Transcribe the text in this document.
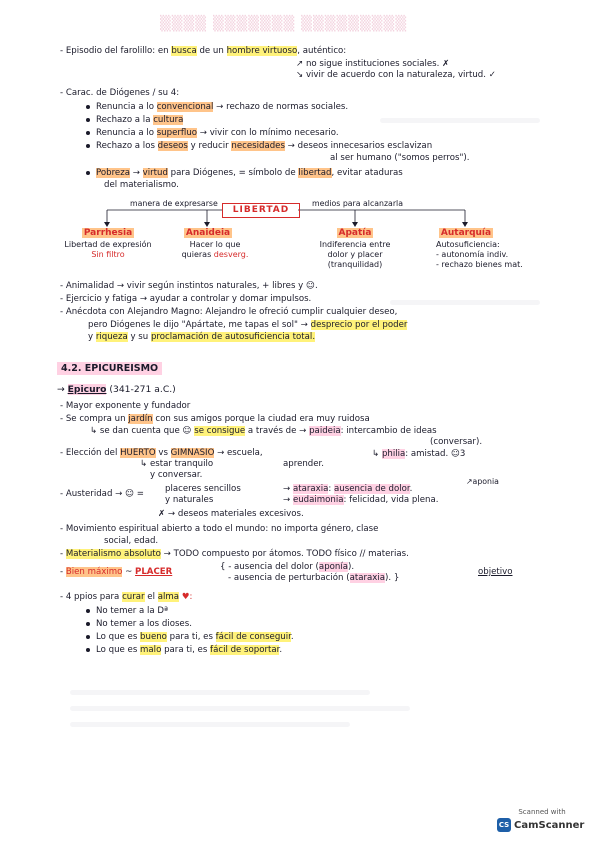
▒▒▒▒ ▒▒▒▒▒▒▒ ▒▒▒▒▒▒▒▒▒
- Episodio del farolillo: en busca de un hombre virtuoso, auténtico:
↗ no sigue instituciones sociales. ✗
↘ vivir de acuerdo con la naturaleza, virtud. ✓
- Carac. de Diógenes / su 4:
Renuncia a lo convencional → rechazo de normas sociales.
Rechazo a la cultura
Renuncia a lo superfluo → vivir con lo mínimo necesario.
Rechazo a los deseos y reducir necesidades → deseos innecesarios esclavizan
al ser humano ("somos perros").
Pobreza → virtud para Diógenes, = símbolo de libertad, evitar ataduras
del materialismo.
manera de expresarse
LIBERTAD
medios para alcanzarla
Parrhesia
Libertad de expresión
Sin filtro
Anaideia
Hacer lo que
quieras desverg.
Apatía
Indiferencia entre
dolor y placer
(tranquilidad)
Autarquía
Autosuficiencia:
- autonomía indiv.
- rechazo bienes mat.
- Animalidad → vivir según instintos naturales, + libres y ☺.
- Ejercicio y fatiga → ayudar a controlar y domar impulsos.
- Anécdota con Alejandro Magno: Alejandro le ofreció cumplir cualquier deseo,
pero Diógenes le dijo "Apártate, me tapas el sol" → desprecio por el poder
y riqueza y su proclamación de autosuficiencia total.
4.2. EPICUREISMO
→ Epicuro (341-271 a.C.)
- Mayor exponente y fundador
- Se compra un jardín con sus amigos porque la ciudad era muy ruidosa
↳ se dan cuenta que ☺ se consigue a través de → paideia: intercambio de ideas
(conversar).
- Elección del HUERTO vs GIMNASIO → escuela,
aprender.
↳ estar tranquilo
y conversar.
↳ philia: amistad. ☺3
↗aponia
- Austeridad → ☺ = placeres sencillos
y naturales
→ ataraxia: ausencia de dolor.
→ eudaimonia: felicidad, vida plena.
✗ → deseos materiales excesivos.
- Movimiento espiritual abierto a todo el mundo: no importa género, clase
social, edad.
- Materialismo absoluto → TODO compuesto por átomos. TODO físico // materias.
- Bien máximo ~ PLACER	{ - ausencia del dolor (aponía).
- ausencia de perturbación (ataraxia). }
objetivo
- 4 ppios para curar el alma ♥:
No temer a la Dª
No temer a los dioses.
Lo que es bueno para ti, es fácil de conseguir.
Lo que es malo para ti, es fácil de soportar.
Scanned with
CS CamScanner
